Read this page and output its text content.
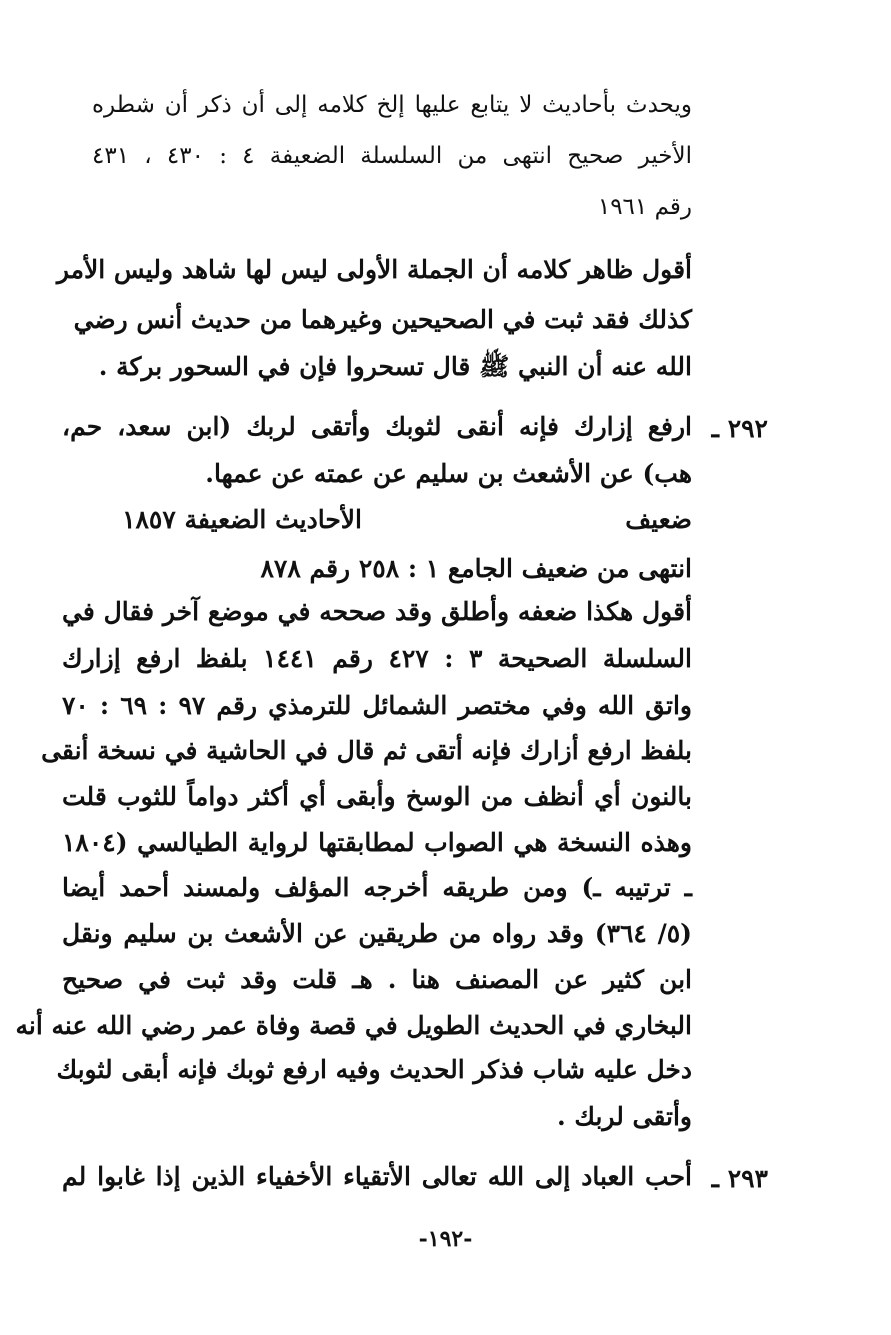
ويحدث بأحاديث لا يتابع عليها إلخ كلامه إلى أن ذكر أن شطره
الأخير صحيح انتهى من السلسلة الضعيفة ٤ : ٤٣٠ ، ٤٣١
رقم ١٩٦١
أقول ظاهر كلامه أن الجملة الأولى ليس لها شاهد وليس الأمر
كذلك فقد ثبت في الصحيحين وغيرهما من حديث أنس رضي
الله عنه أن النبي ﷺ قال تسحروا فإن في السحور بركة .
٢٩٢ ـ
ارفع إزارك فإنه أنقى لثوبك وأتقى لربك (ابن سعد، حم،
هب) عن الأشعث بن سليم عن عمته عن عمها.
ضعيف
الأحاديث الضعيفة ١٨٥٧
انتهى من ضعيف الجامع ١ : ٢٥٨ رقم ٨٧٨
أقول هكذا ضعفه وأطلق وقد صححه في موضع آخر فقال في
السلسلة الصحيحة ٣ : ٤٢٧ رقم ١٤٤١ بلفظ ارفع إزارك
واتق الله وفي مختصر الشمائل للترمذي رقم ٩٧ : ٦٩ : ٧٠
بلفظ ارفع أزارك فإنه أتقى ثم قال في الحاشية في نسخة أنقى
بالنون أي أنظف من الوسخ وأبقى أي أكثر دواماً للثوب قلت
وهذه النسخة هي الصواب لمطابقتها لرواية الطيالسي (١٨٠٤
ـ ترتيبه ـ) ومن طريقه أخرجه المؤلف ولمسند أحمد أيضا
(٥/ ٣٦٤) وقد رواه من طريقين عن الأشعث بن سليم ونقل
ابن كثير عن المصنف هنا . هـ قلت وقد ثبت في صحيح
البخاري في الحديث الطويل في قصة وفاة عمر رضي الله عنه أنه
دخل عليه شاب فذكر الحديث وفيه ارفع ثوبك فإنه أبقى لثوبك
وأتقى لربك .
٢٩٣ ـ
أحب العباد إلى الله تعالى الأتقياء الأخفياء الذين إذا غابوا لم
-١٩٢-
